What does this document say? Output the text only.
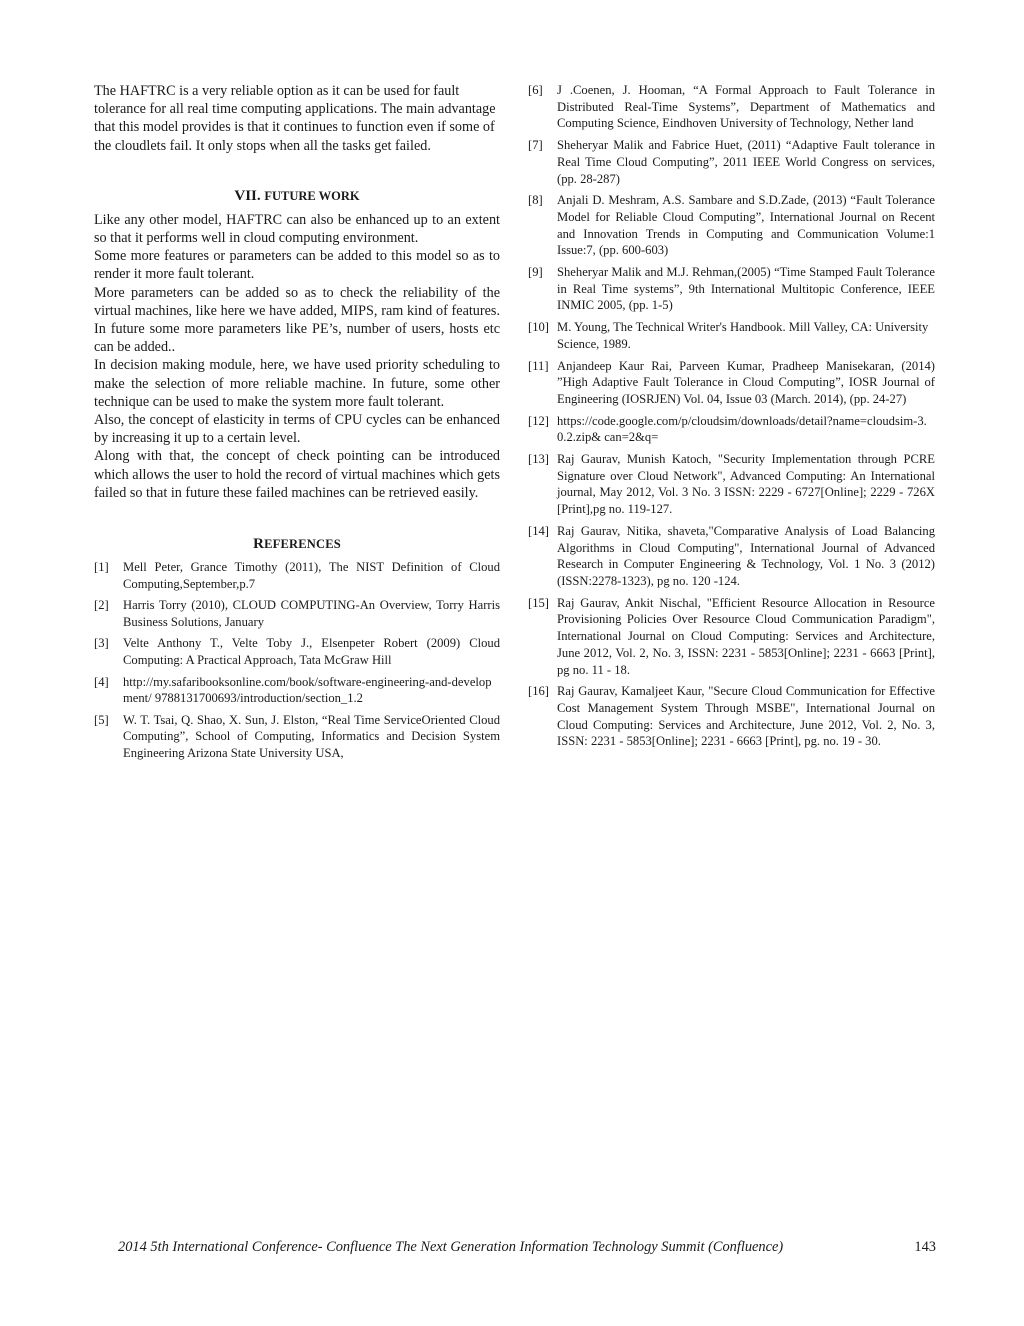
The HAFTRC is a very reliable option as it can be used for fault tolerance for all real time computing applications. The main advantage that this model provides is that it continues to function even if some of the cloudlets fail. It only stops when all the tasks get failed.

VII. FUTURE WORK

Like any other model, HAFTRC can also be enhanced up to an extent so that it performs well in cloud computing environment.

Some more features or parameters can be added to this model so as to render it more fault tolerant.

More parameters can be added so as to check the reliability of the virtual machines, like here we have added, MIPS, ram kind of features. In future some more parameters like PE’s, number of users, hosts etc can be added..

In decision making module, here, we have used priority scheduling to make the selection of more reliable machine. In future, some other technique can be used to make the system more fault tolerant.

Also, the concept of elasticity in terms of CPU cycles can be enhanced by increasing it up to a certain level.

Along with that, the concept of check pointing can be introduced which allows the user to hold the record of virtual machines which gets failed so that in future these failed machines can be retrieved easily.

REFERENCES

[1]	Mell Peter, Grance Timothy (2011), The NIST Definition of Cloud Computing,September,p.7
[2]	Harris Torry (2010), CLOUD COMPUTING-An Overview, Torry Harris Business Solutions, January
[3]	Velte Anthony T., Velte Toby J., Elsenpeter Robert (2009) Cloud Computing: A Practical Approach, Tata McGraw Hill
[4]	http://my.safaribooksonline.com/book/software-engineering-and-development/ 9788131700693/introduction/section_1.2
[5]	W. T. Tsai, Q. Shao, X. Sun, J. Elston, “Real Time ServiceOriented Cloud Computing”, School of Computing, Informatics and Decision System Engineering Arizona State University USA,
[6]	J .Coenen, J. Hooman, “A Formal Approach to Fault Tolerance in Distributed Real-Time Systems”, Department of Mathematics and Computing Science, Eindhoven University of Technology, Nether land
[7]	Sheheryar Malik and Fabrice Huet, (2011) “Adaptive Fault tolerance in Real Time Cloud Computing”, 2011 IEEE World Congress on services, (pp. 28-287)
[8]	Anjali D. Meshram, A.S. Sambare and S.D.Zade, (2013) “Fault Tolerance Model for Reliable Cloud Computing”, International Journal on Recent and Innovation Trends in Computing and Communication Volume:1 Issue:7, (pp. 600-603)
[9]	Sheheryar Malik and M.J. Rehman,(2005) “Time Stamped Fault Tolerance in Real Time systems”, 9th International Multitopic Conference, IEEE INMIC 2005, (pp. 1-5)
[10] M. Young, The Technical Writer's Handbook. Mill Valley, CA: University Science, 1989.
[11] Anjandeep Kaur Rai, Parveen Kumar, Pradheep Manisekaran, (2014) ”High Adaptive Fault Tolerance in Cloud Computing”, IOSR Journal of Engineering (IOSRJEN) Vol. 04, Issue 03 (March. 2014), (pp. 24-27)
[12] https://code.google.com/p/cloudsim/downloads/detail?name=cloudsim-3.0.2.zip& can=2&q=
[13] Raj Gaurav, Munish Katoch, "Security Implementation through PCRE Signature over Cloud Network", Advanced Computing: An International journal, May 2012, Vol. 3 No. 3 ISSN: 2229 - 6727[Online]; 2229 - 726X [Print],pg no. 119-127.
[14] Raj Gaurav, Nitika, shaveta,"Comparative Analysis of Load Balancing Algorithms in Cloud Computing", International Journal of Advanced Research in Computer Engineering & Technology, Vol. 1 No. 3 (2012)(ISSN:2278-1323), pg no. 120 -124.
[15] Raj Gaurav, Ankit Nischal, "Efficient Resource Allocation in Resource Provisioning Policies Over Resource Cloud Communication Paradigm", International Journal on Cloud Computing: Services and Architecture, June 2012, Vol. 2, No. 3, ISSN: 2231 - 5853[Online]; 2231 - 6663 [Print], pg no. 11 - 18.
[16] Raj Gaurav, Kamaljeet Kaur, "Secure Cloud Communication for Effective Cost Management System Through MSBE", International Journal on Cloud Computing: Services and Architecture, June 2012, Vol. 2, No. 3, ISSN: 2231 - 5853[Online]; 2231 - 6663 [Print], pg. no. 19 - 30.
2014 5th International Conference- Confluence The Next Generation Information Technology Summit (Confluence)	143
